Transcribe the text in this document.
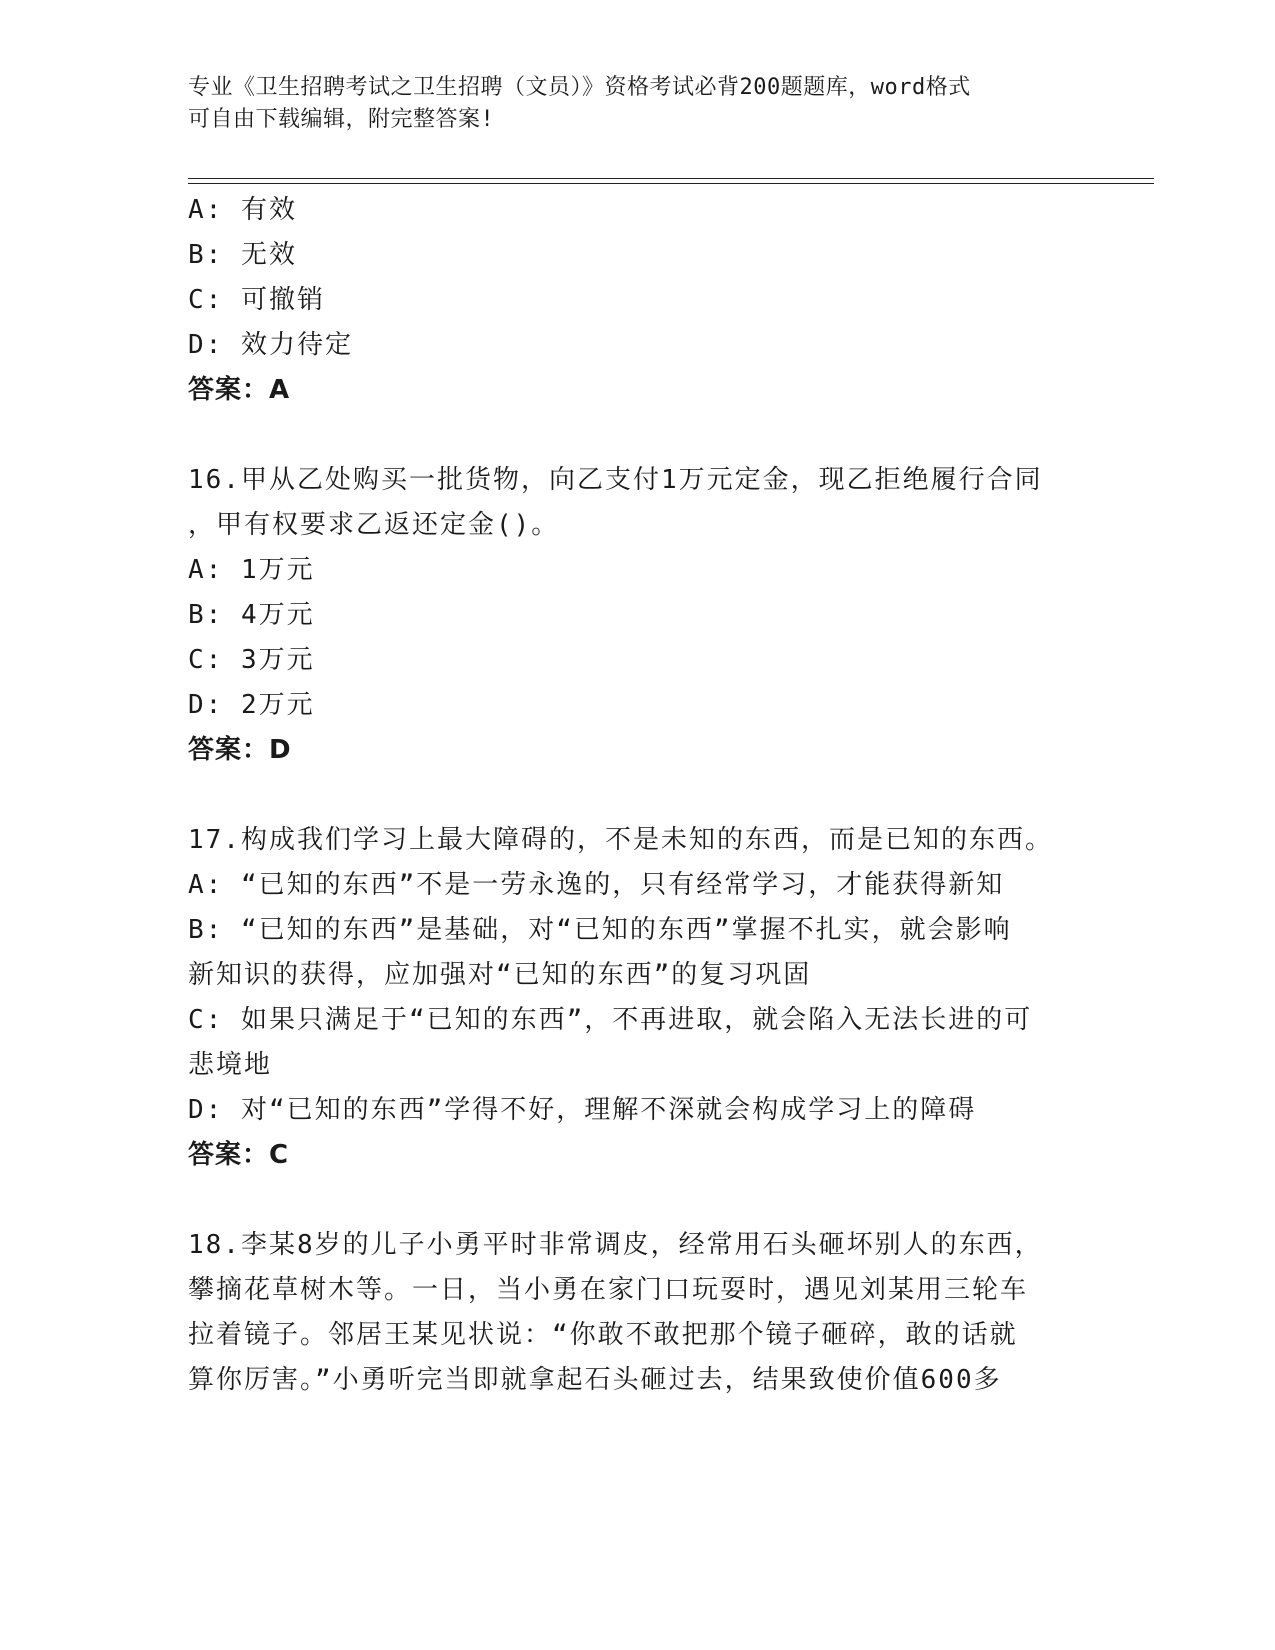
专业《卫生招聘考试之卫生招聘（文员）》资格考试必背200题题库，word格式
可自由下载编辑，附完整答案!
A: 有效
B: 无效
C: 可撤销
D: 效力待定
答案：A
16.甲从乙处购买一批货物，向乙支付1万元定金，现乙拒绝履行合同
，甲有权要求乙返还定金()。
A: 1万元
B: 4万元
C: 3万元
D: 2万元
答案：D
17.构成我们学习上最大障碍的，不是未知的东西，而是已知的东西。
A: “已知的东西”不是一劳永逸的，只有经常学习，才能获得新知
B: “已知的东西”是基础，对“已知的东西”掌握不扎实，就会影响
新知识的获得，应加强对“已知的东西”的复习巩固
C: 如果只满足于“已知的东西”，不再进取，就会陷入无法长进的可
悲境地
D: 对“已知的东西”学得不好，理解不深就会构成学习上的障碍
答案：C
18.李某8岁的儿子小勇平时非常调皮，经常用石头砸坏别人的东西，
攀摘花草树木等。一日，当小勇在家门口玩耍时，遇见刘某用三轮车
拉着镜子。邻居王某见状说：“你敢不敢把那个镜子砸碎，敢的话就
算你厉害。”小勇听完当即就拿起石头砸过去，结果致使价值600多
